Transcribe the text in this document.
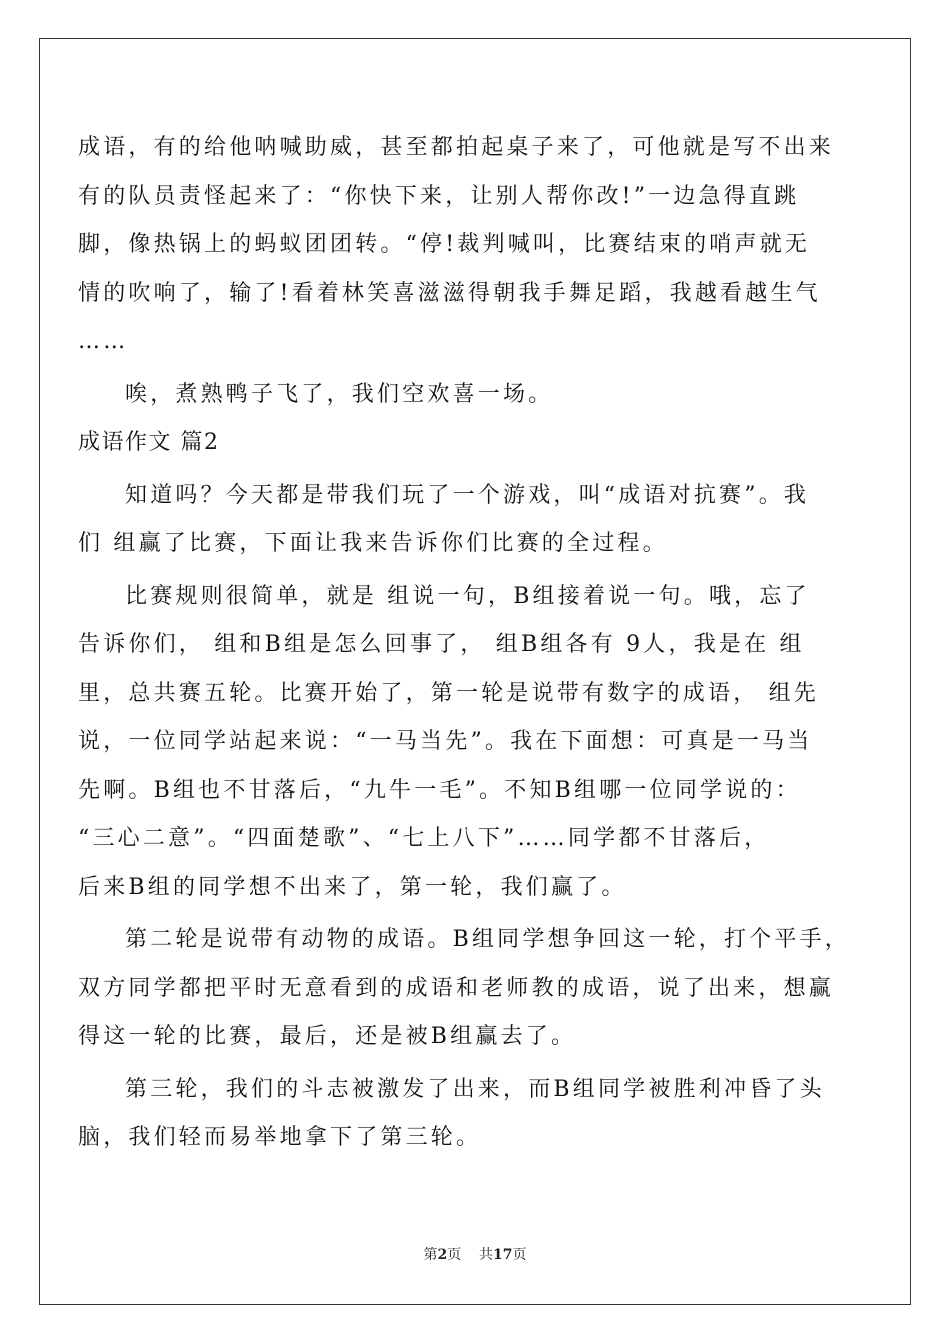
成语，有的给他呐喊助威，甚至都拍起桌子来了，可他就是写不出来
有的队员责怪起来了：“你快下来，让别人帮你改!”一边急得直跳
脚，像热锅上的蚂蚁团团转。“停!裁判喊叫，比赛结束的哨声就无
情的吹响了，输了!看着林笑喜滋滋得朝我手舞足蹈，我越看越生气
……
唉，煮熟鸭子飞了，我们空欢喜一场。
成语作文 篇2
知道吗？今天都是带我们玩了一个游戏，叫“成语对抗赛”。我
们 组赢了比赛，下面让我来告诉你们比赛的全过程。
比赛规则很简单，就是 组说一句，B组接着说一句。哦，忘了
告诉你们， 组和B组是怎么回事了， 组B组各有 9人，我是在 组
里，总共赛五轮。比赛开始了，第一轮是说带有数字的成语， 组先
说，一位同学站起来说：“一马当先”。我在下面想：可真是一马当
先啊。B组也不甘落后，“九牛一毛”。不知B组哪一位同学说的：
“三心二意”。“四面楚歌”、“七上八下”……同学都不甘落后，
后来B组的同学想不出来了，第一轮，我们赢了。
第二轮是说带有动物的成语。B组同学想争回这一轮，打个平手，
双方同学都把平时无意看到的成语和老师教的成语，说了出来，想赢
得这一轮的比赛，最后，还是被B组赢去了。
第三轮，我们的斗志被激发了出来，而B组同学被胜利冲昏了头
脑，我们轻而易举地拿下了第三轮。
第2页    共17页
